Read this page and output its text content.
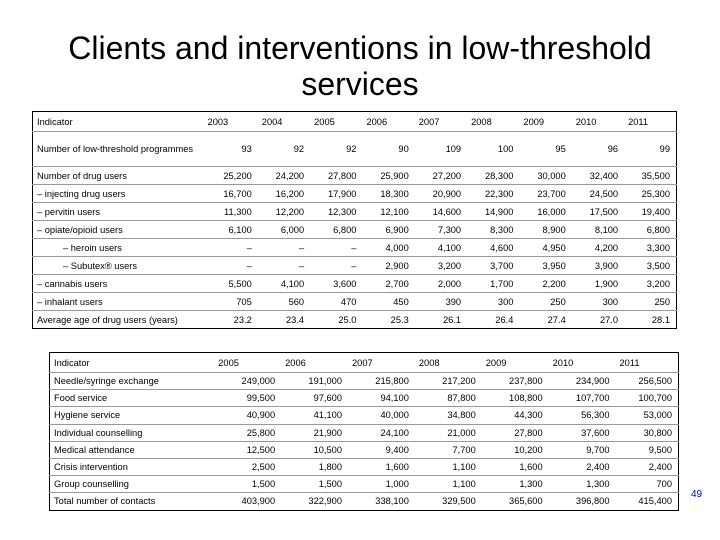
Clients and interventions in low-threshold services
Indicator	2003	2004	2005	2006	2007	2008	2009	2010	2011
Number of low-threshold programmes	93	92	92	90	109	100	95	96	99
Number of drug users	25,200	24,200	27,800	25,900	27,200	28,300	30,000	32,400	35,500
– injecting drug users	16,700	16,200	17,900	18,300	20,900	22,300	23,700	24,500	25,300
– pervitin users	11,300	12,200	12,300	12,100	14,600	14,900	16,000	17,500	19,400
– opiate/opioid users	6,100	6,000	6,800	6,900	7,300	8,300	8,900	8,100	6,800
– heroin users	–	–	–	4,000	4,100	4,600	4,950	4,200	3,300
– Subutex® users	–	–	–	2,900	3,200	3,700	3,950	3,900	3,500
– cannabis users	5,500	4,100	3,600	2,700	2,000	1,700	2,200	1,900	3,200
– inhalant users	705	560	470	450	390	300	250	300	250
Average age of drug users (years)	23.2	23.4	25.0	25.3	26.1	26.4	27.4	27.0	28.1
Indicator	2005	2006	2007	2008	2009	2010	2011
Needle/syringe exchange	249,000	191,000	215,800	217,200	237,800	234,900	256,500
Food service	99,500	97,600	94,100	87,800	108,800	107,700	100,700
Hygiene service	40,900	41,100	40,000	34,800	44,300	56,300	53,000
Individual counselling	25,800	21,900	24,100	21,000	27,800	37,600	30,800
Medical attendance	12,500	10,500	9,400	7,700	10,200	9,700	9,500
Crisis intervention	2,500	1,800	1,600	1,100	1,600	2,400	2,400
Group counselling	1,500	1,500	1,000	1,100	1,300	1,300	700
Total number of contacts	403,900	322,900	338,100	329,500	365,600	396,800	415,400
49
